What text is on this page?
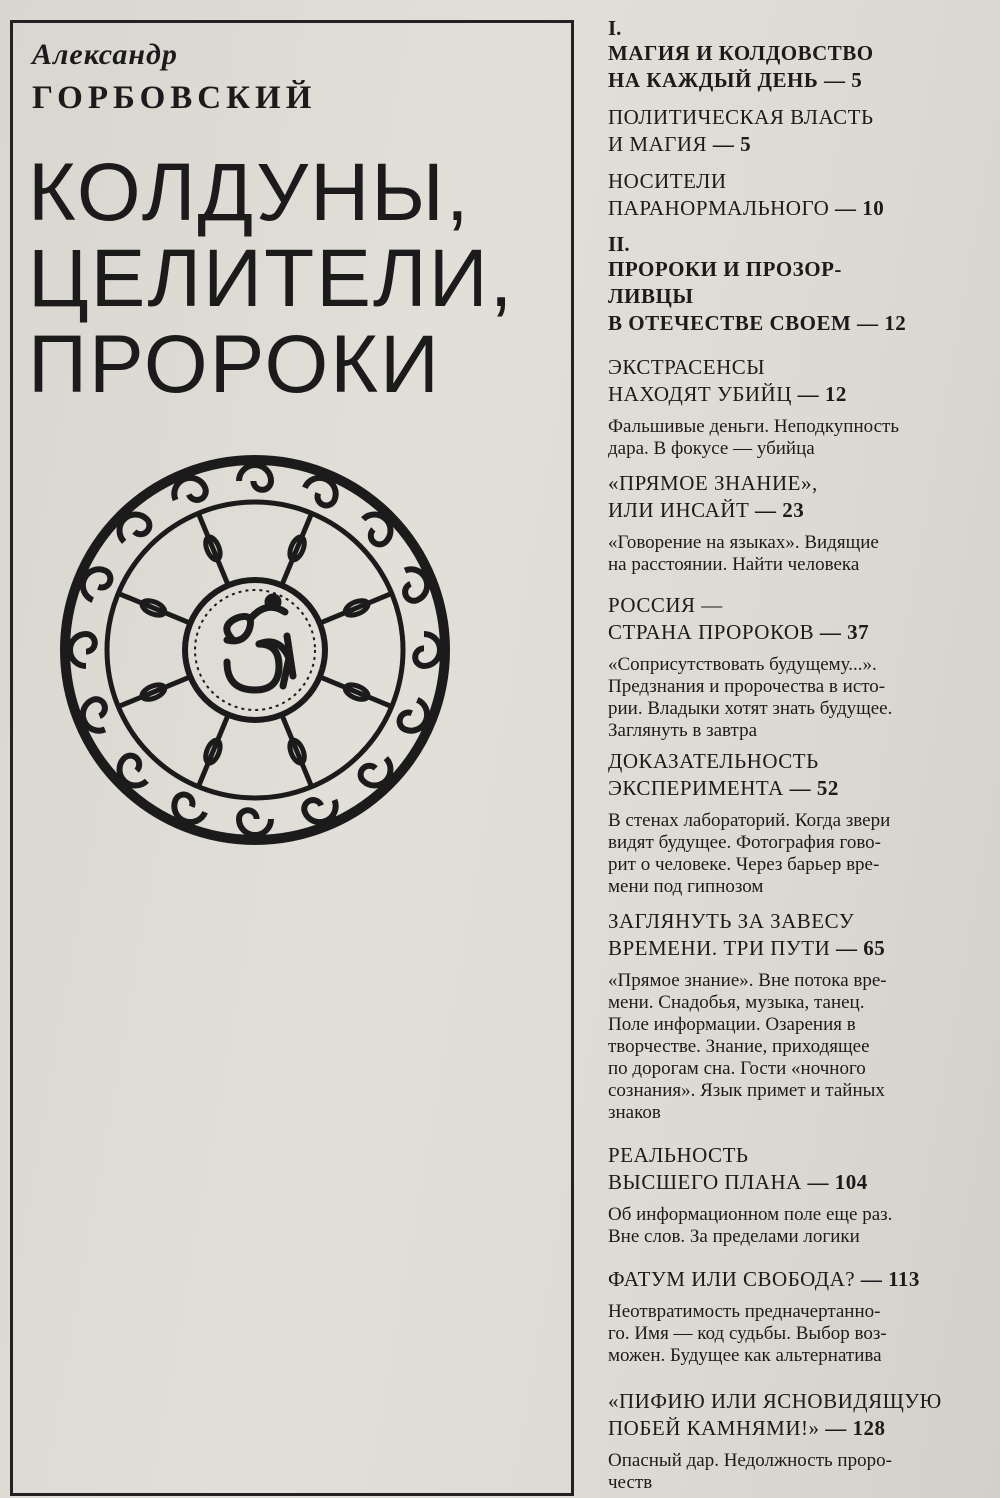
Александр
ГОРБОВСКИЙ
КОЛДУНЫ,
ЦЕЛИТЕЛИ,
ПРОРОКИ
I.
МАГИЯ И КОЛДОВСТВО
НА КАЖДЫЙ ДЕНЬ — 5
ПОЛИТИЧЕСКАЯ ВЛАСТЬ
И МАГИЯ — 5
НОСИТЕЛИ
ПАРАНОРМАЛЬНОГО — 10
II.
ПРОРОКИ И ПРОЗОР-
ЛИВЦЫ
В ОТЕЧЕСТВЕ СВОЕМ — 12
ЭКСТРАСЕНСЫ
НАХОДЯТ УБИЙЦ — 12
Фальшивые деньги. Неподкупность
дара. В фокусе — убийца
«ПРЯМОЕ ЗНАНИЕ»,
ИЛИ ИНСАЙТ — 23
«Говорение на языках». Видящие
на расстоянии. Найти человека
РОССИЯ —
СТРАНА ПРОРОКОВ — 37
«Соприсутствовать будущему...».
Предзнания и пророчества в исто-
рии. Владыки хотят знать будущее.
Заглянуть в завтра
ДОКАЗАТЕЛЬНОСТЬ
ЭКСПЕРИМЕНТА — 52
В стенах лабораторий. Когда звери
видят будущее. Фотография гово-
рит о человеке. Через барьер вре-
мени под гипнозом
ЗАГЛЯНУТЬ ЗА ЗАВЕСУ
ВРЕМЕНИ. ТРИ ПУТИ — 65
«Прямое знание». Вне потока вре-
мени. Снадобья, музыка, танец.
Поле информации. Озарения в
творчестве. Знание, приходящее
по дорогам сна. Гости «ночного
сознания». Язык примет и тайных
знаков
РЕАЛЬНОСТЬ
ВЫСШЕГО ПЛАНА — 104
Об информационном поле еще раз.
Вне слов. За пределами логики
ФАТУМ ИЛИ СВОБОДА? — 113
Неотвратимость предначертанно-
го. Имя — код судьбы. Выбор воз-
можен. Будущее как альтернатива
«ПИФИЮ ИЛИ ЯСНОВИДЯЩУЮ
ПОБЕЙ КАМНЯМИ!» — 128
Опасный дар. Недолжность проро-
честв
